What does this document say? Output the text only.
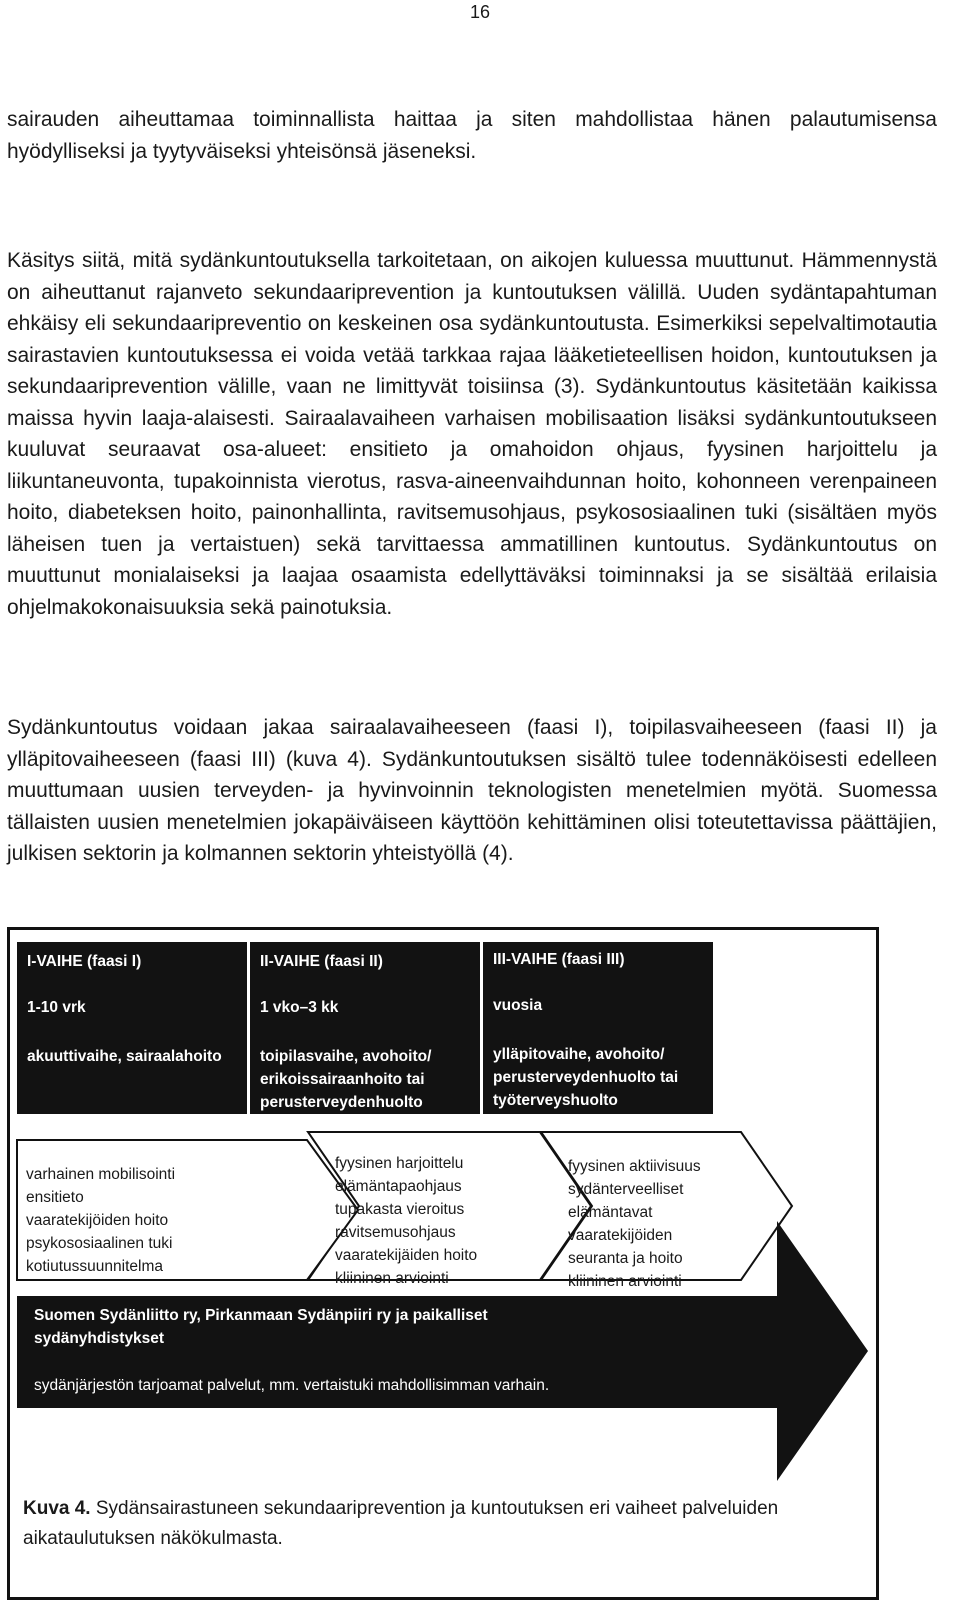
16

sairauden aiheuttamaa toiminnallista haittaa ja siten mahdollistaa hänen palautumisensa hyödylliseksi ja tyytyväiseksi yhteisönsä jäseneksi.

Käsitys siitä, mitä sydänkuntoutuksella tarkoitetaan, on aikojen kuluessa muuttunut. Hämmennystä on aiheuttanut rajanveto sekundaariprevention ja kuntoutuksen välillä. Uuden sydäntapahtuman ehkäisy eli sekundaaripreventio on keskeinen osa sydänkuntoutusta. Esimerkiksi sepelvaltimotautia sairastavien kuntoutuksessa ei voida vetää tarkkaa rajaa lääketieteellisen hoidon, kuntoutuksen ja sekundaariprevention välille, vaan ne limittyvät toisiinsa (3). Sydänkuntoutus käsitetään kaikissa maissa hyvin laaja-alaisesti. Sairaalavaiheen varhaisen mobilisaation lisäksi sydänkuntoutukseen kuuluvat seuraavat osa-alueet: ensitieto ja omahoidon ohjaus, fyysinen harjoittelu ja liikuntaneuvonta, tupakoinnista vierotus, rasva-aineenvaihdunnan hoito, kohonneen verenpaineen hoito, diabeteksen hoito, painonhallinta, ravitsemusohjaus, psykososiaalinen tuki (sisältäen myös läheisen tuen ja vertaistuen) sekä tarvittaessa ammatillinen kuntoutus. Sydänkuntoutus on muuttunut monialaiseksi ja laajaa osaamista edellyttäväksi toiminnaksi ja se sisältää erilaisia ohjelmakokonaisuuksia sekä painotuksia.

Sydänkuntoutus voidaan jakaa sairaalavaiheeseen (faasi I), toipilasvaiheeseen (faasi II) ja ylläpitovaiheeseen (faasi III) (kuva 4). Sydänkuntoutuksen sisältö tulee todennäköisesti edelleen muuttumaan uusien terveyden- ja hyvinvoinnin teknologisten menetelmien myötä. Suomessa tällaisten uusien menetelmien jokapäiväiseen käyttöön kehittäminen olisi toteutettavissa päättäjien, julkisen sektorin ja kolmannen sektorin yhteistyöllä (4).

I-VAIHE (faasi I)
1-10 vrk
akuuttivaihe, sairaalahoito
II-VAIHE (faasi II)
1 vko–3 kk
toipilasvaihe, avohoito/ erikoissairaanhoito tai perusterveydenhuolto
III-VAIHE (faasi III)
vuosia
ylläpitovaihe, avohoito/ perusterveydenhuolto tai työterveyshuolto
varhainen mobilisointi
ensitieto
vaaratekijöiden hoito
psykososiaalinen tuki
kotiutussuunnitelma
fyysinen harjoittelu
elämäntapaohjaus
tupakasta vieroitus
ravitsemusohjaus
vaaratekijäiden hoito
kliininen arviointi
fyysinen aktiivisuus
sydänterveelliset
elämäntavat
vaaratekijöiden
seuranta ja hoito
kliininen arviointi
Suomen Sydänliitto ry, Pirkanmaan Sydänpiiri ry ja paikalliset sydänyhdistykset
sydänjärjestön tarjoamat palvelut, mm. vertaistuki mahdollisimman varhain.

Kuva 4. Sydänsairastuneen sekundaariprevention ja kuntoutuksen eri vaiheet palveluiden aikataulutuksen näkökulmasta.
